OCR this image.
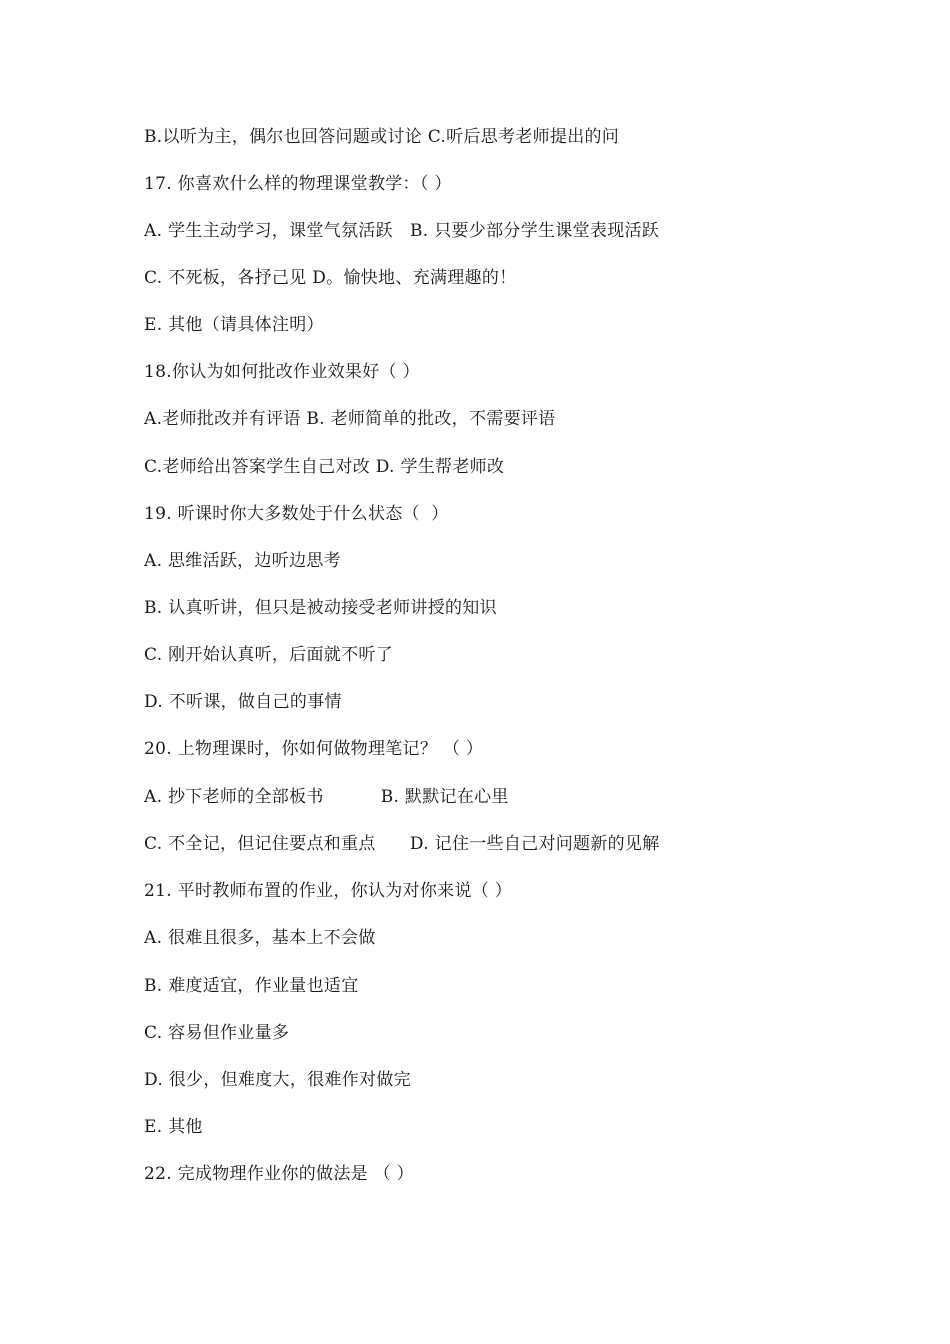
B.以听为主，偶尔也回答问题或讨论 C.听后思考老师提出的问
17. 你喜欢什么样的物理课堂教学：（ ）
A. 学生主动学习，课堂气氛活跃   B. 只要少部分学生课堂表现活跃
C. 不死板，各抒己见 D。愉快地、充满理趣的！
E. 其他（请具体注明）
18.你认为如何批改作业效果好（ ）
A.老师批改并有评语 B. 老师简单的批改，不需要评语
C.老师给出答案学生自己对改 D. 学生帮老师改
19. 听课时你大多数处于什么状态（  ）
A. 思维活跃，边听边思考
B. 认真听讲，但只是被动接受老师讲授的知识
C. 刚开始认真听，后面就不听了
D. 不听课，做自己的事情
20. 上物理课时，你如何做物理笔记？ （ ）
A. 抄下老师的全部板书          B. 默默记在心里
C. 不全记，但记住要点和重点      D. 记住一些自己对问题新的见解
21. 平时教师布置的作业，你认为对你来说（ ）
A. 很难且很多，基本上不会做
B. 难度适宜，作业量也适宜
C. 容易但作业量多
D. 很少，但难度大，很难作对做完
E. 其他
22. 完成物理作业你的做法是 （ ）
